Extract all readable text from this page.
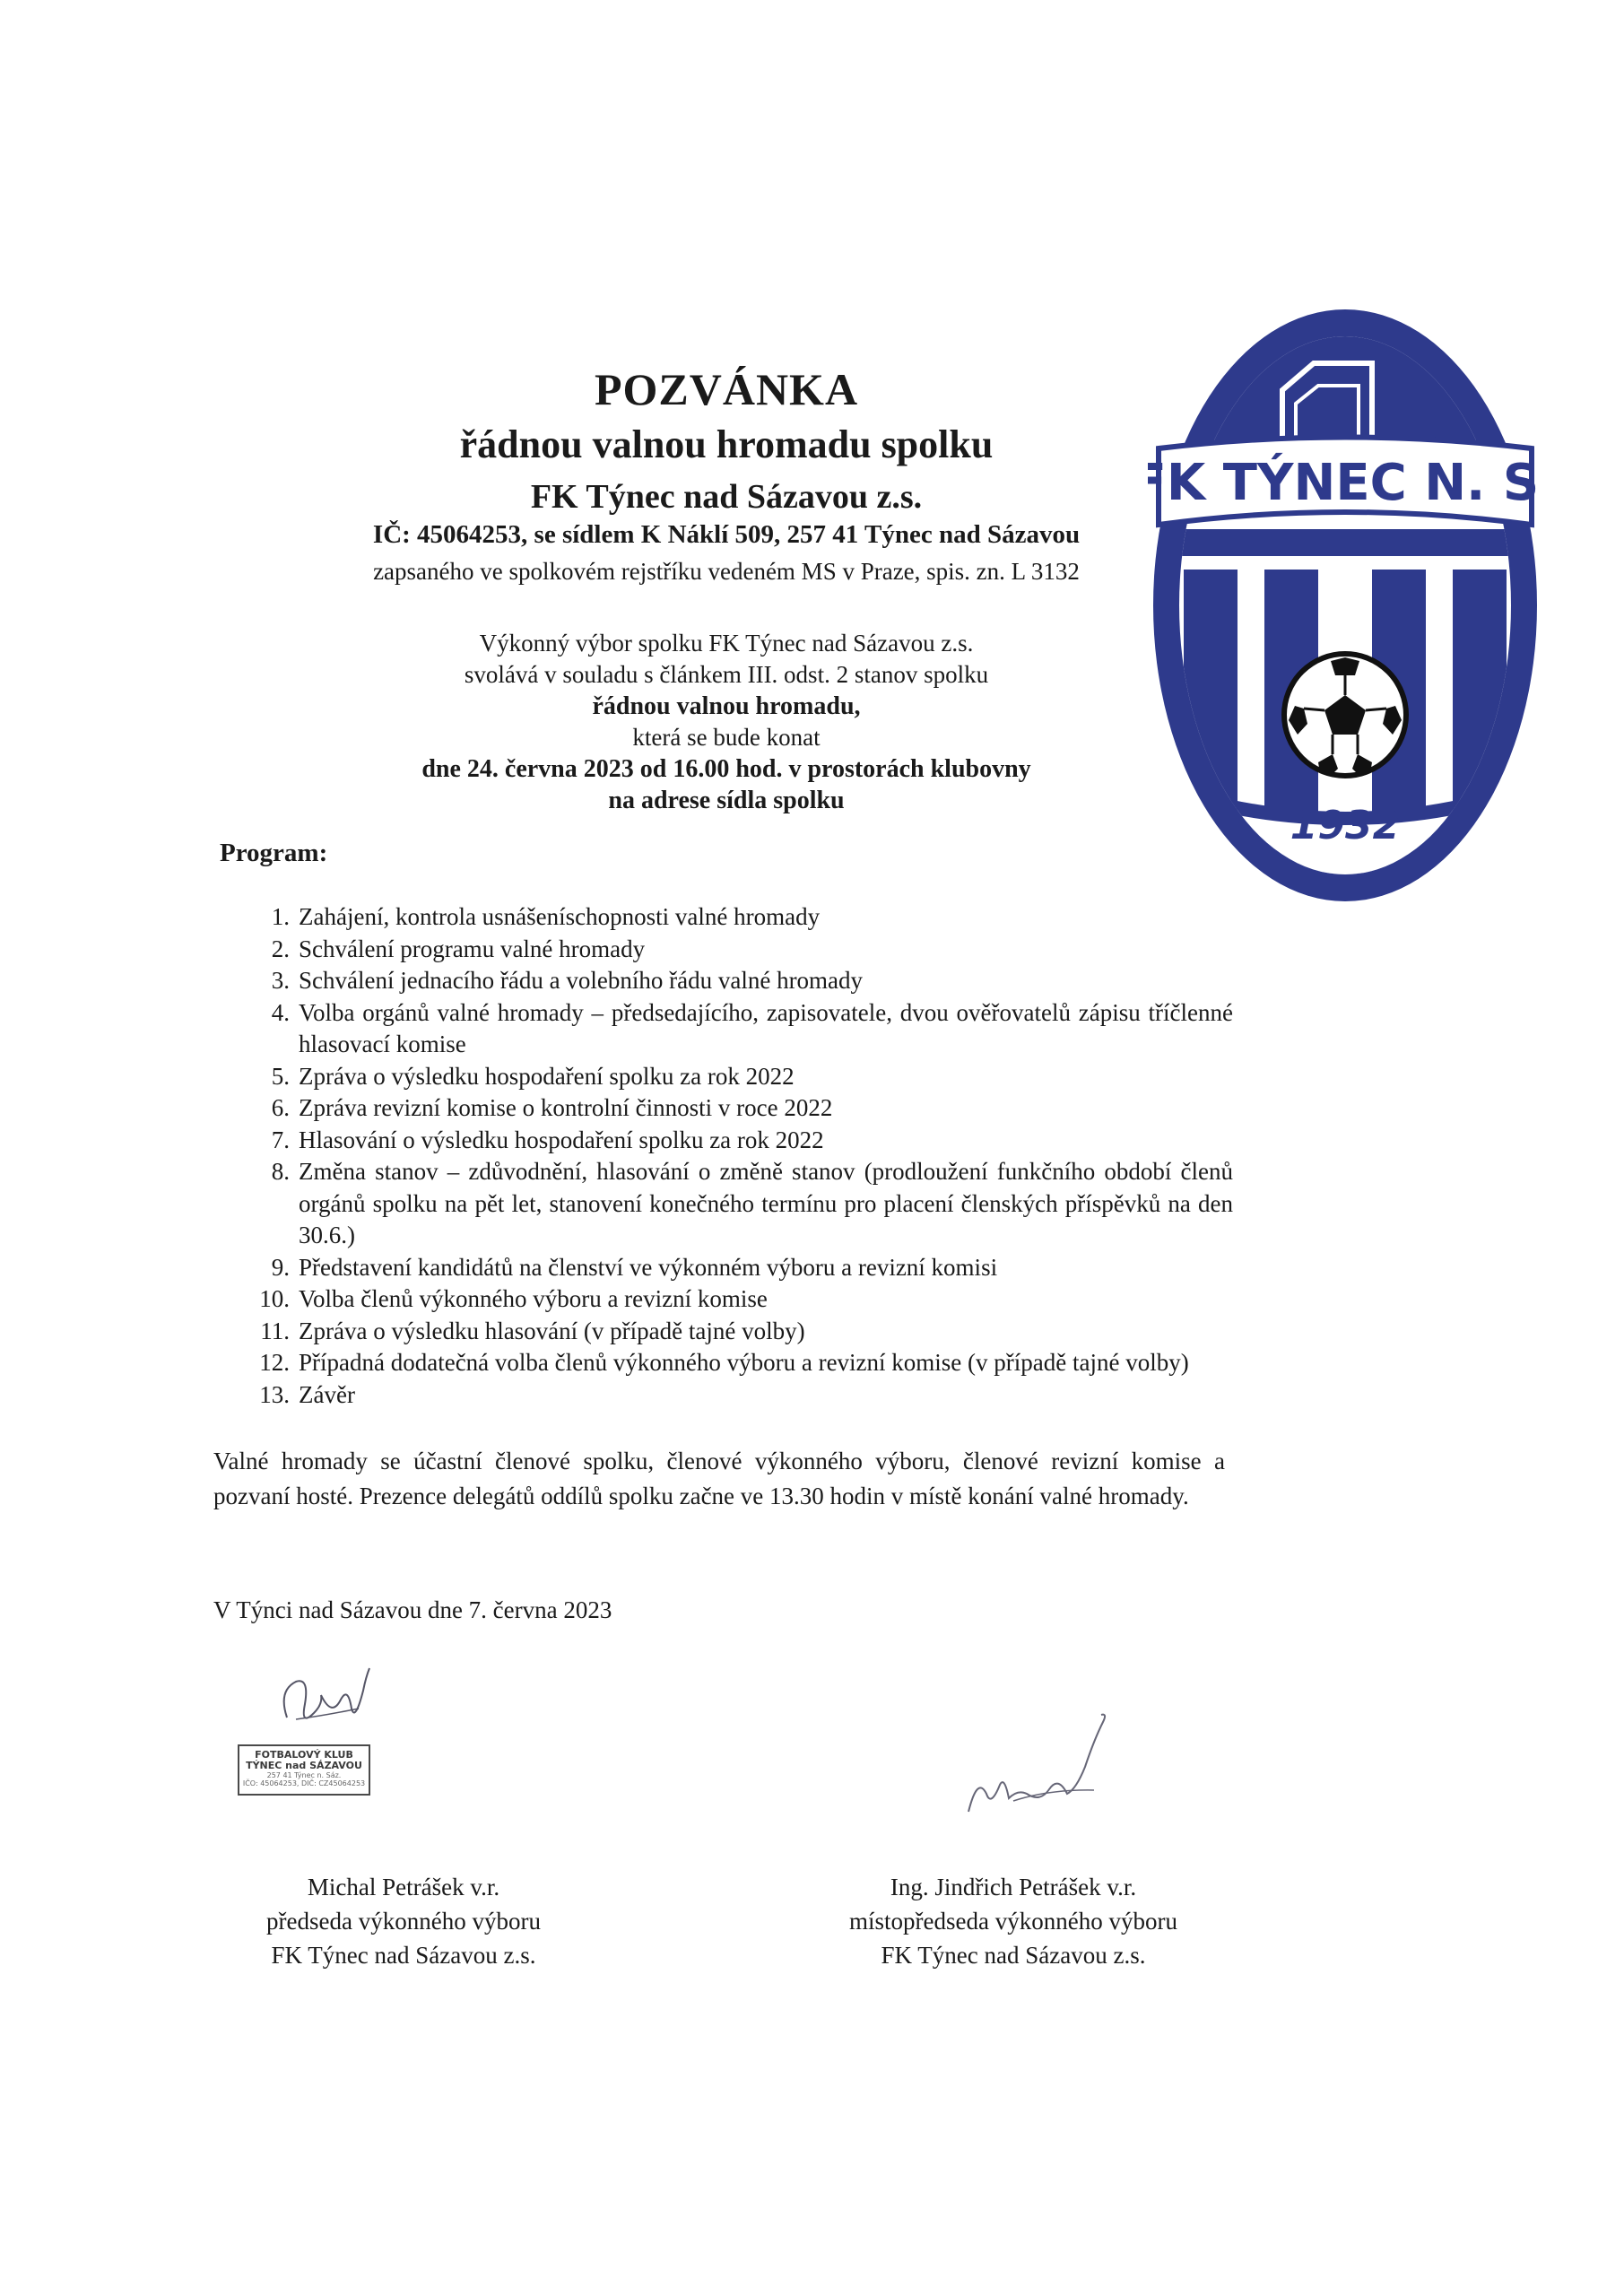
POZVÁNKA
řádnou valnou hromadu spolku
FK Týnec nad Sázavou z.s.
IČ: 45064253, se sídlem K Náklí 509, 257 41 Týnec nad Sázavou
zapsaného ve spolkovém rejstříku vedeném MS v Praze, spis. zn. L 3132
FK TÝNEC N. S.
1932
Výkonný výbor spolku FK Týnec nad Sázavou z.s.
svolává v souladu s článkem III. odst. 2 stanov spolku
řádnou valnou hromadu,
která se bude konat
dne 24. června 2023 od 16.00 hod. v prostorách klubovny
na adrese sídla spolku
Program:
1. Zahájení, kontrola usnášeníschopnosti valné hromady
2. Schválení programu valné hromady
3. Schválení jednacího řádu a volebního řádu valné hromady
4. Volba orgánů valné hromady – předsedajícího, zapisovatele, dvou ověřovatelů zápisu tříčlenné hlasovací komise
5. Zpráva o výsledku hospodaření spolku za rok 2022
6. Zpráva revizní komise o kontrolní činnosti v roce 2022
7. Hlasování o výsledku hospodaření spolku za rok 2022
8. Změna stanov – zdůvodnění, hlasování o změně stanov (prodloužení funkčního období členů orgánů spolku na pět let, stanovení konečného termínu pro placení členských příspěvků na den 30.6.)
9. Představení kandidátů na členství ve výkonném výboru a revizní komisi
10. Volba členů výkonného výboru a revizní komise
11. Zpráva o výsledku hlasování (v případě tajné volby)
12. Případná dodatečná volba členů výkonného výboru a revizní komise (v případě tajné volby)
13. Závěr
Valné hromady se účastní členové spolku, členové výkonného výboru, členové revizní komise a pozvaní hosté. Prezence delegátů oddílů spolku začne ve 13.30 hodin v místě konání valné hromady.
V Týnci nad Sázavou dne 7. června 2023
FOTBALOVÝ KLUB
TÝNEC nad SÁZAVOU
257 41 Týnec n. Sáz.
IČO: 45064253, DIČ: CZ45064253
Michal Petrášek v.r.
předseda výkonného výboru
FK Týnec nad Sázavou z.s.
Ing. Jindřich Petrášek v.r.
místopředseda výkonného výboru
FK Týnec nad Sázavou z.s.
